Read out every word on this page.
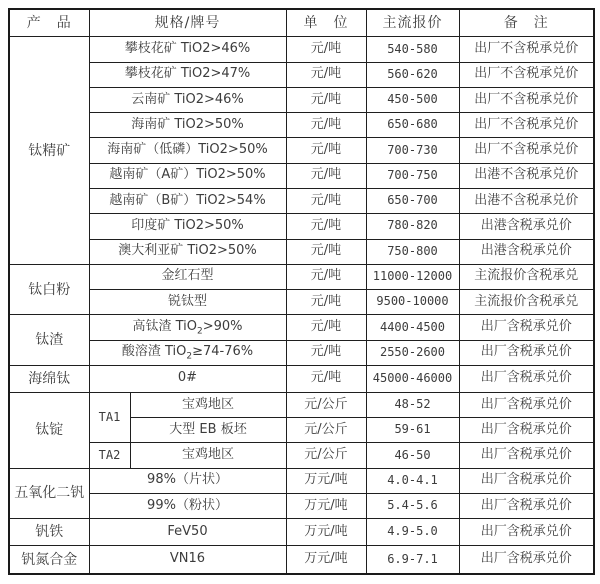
产　品	规格/牌号		单　位	主流报价	备　注
钛精矿	攀枝花矿 TiO2>46%		元/吨	540-580	出厂不含税承兑价
	攀枝花矿 TiO2>47%		元/吨	560-620	出厂不含税承兑价
	云南矿 TiO2>46%		元/吨	450-500	出厂不含税承兑价
	海南矿 TiO2>50%		元/吨	650-680	出厂不含税承兑价
	海南矿（低磷）TiO2>50%		元/吨	700-730	出厂不含税承兑价
	越南矿（A矿）TiO2>50%		元/吨	700-750	出港不含税承兑价
	越南矿（B矿）TiO2>54%		元/吨	650-700	出港不含税承兑价
	印度矿 TiO2>50%		元/吨	780-820	出港含税承兑价
	澳大利亚矿 TiO2>50%		元/吨	750-800	出港含税承兑价
钛白粉	金红石型		元/吨	11000-12000	主流报价含税承兑
	锐钛型		元/吨	9500-10000	主流报价含税承兑
钛渣	高钛渣 TiO$_2$>90%		元/吨	4400-4500	出厂含税承兑价
	酸溶渣 TiO$_2$≥74-76%		元/吨	2550-2600	出厂含税承兑价
海绵钛	0#		元/吨	45000-46000	出厂含税承兑价
钛锭	TA1	宝鸡地区	元/公斤	48-52	出厂含税承兑价
		大型 EB 板坯	元/公斤	59-61	出厂含税承兑价
	TA2	宝鸡地区	元/公斤	46-50	出厂含税承兑价
五氧化二钒	98%（片状）		万元/吨	4.0-4.1	出厂含税承兑价
	99%（粉状）		万元/吨	5.4-5.6	出厂含税承兑价
钒铁	FeV50		万元/吨	4.9-5.0	出厂含税承兑价
钒氮合金	VN16		万元/吨	6.9-7.1	出厂含税承兑价
